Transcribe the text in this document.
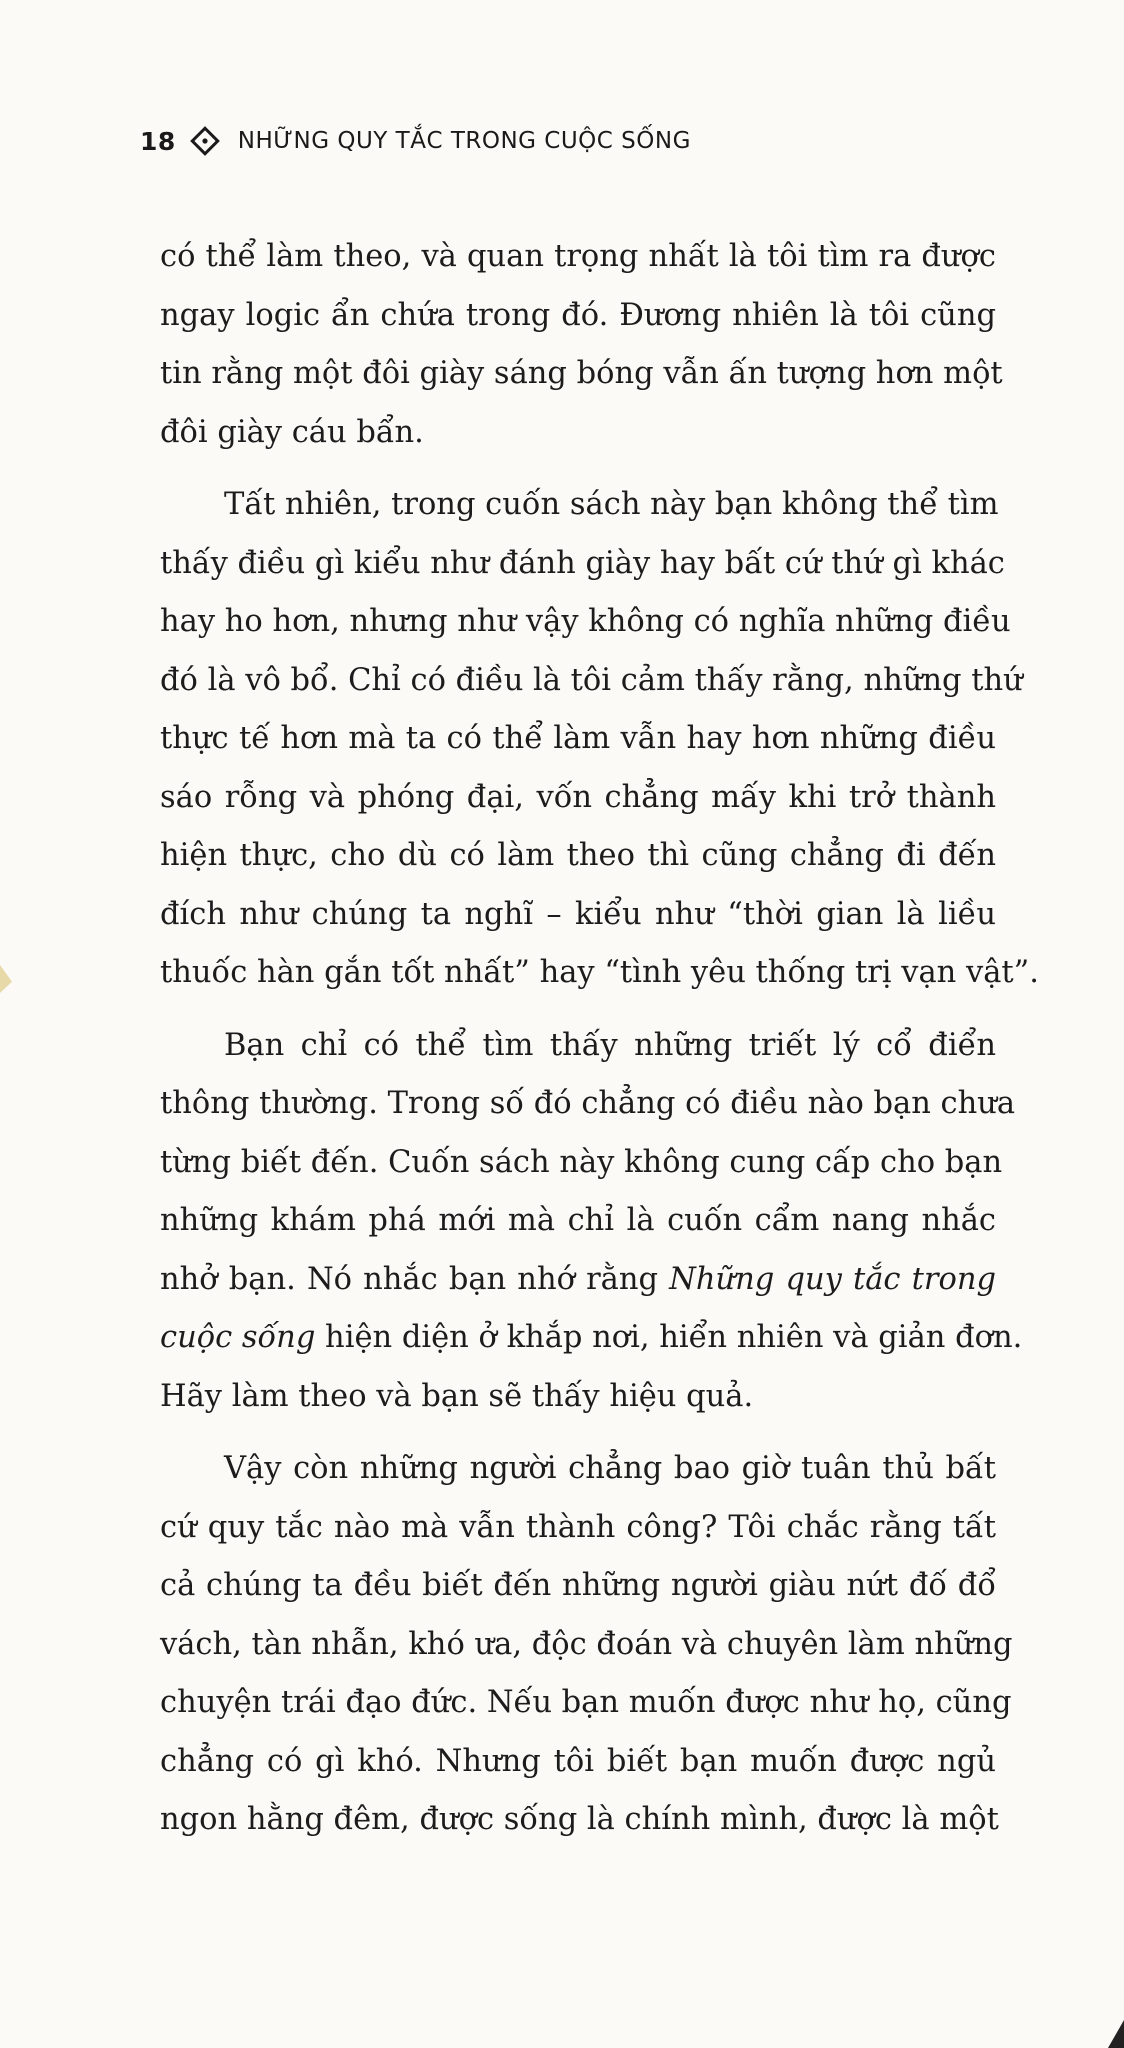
18	NHỮNG QUY TẮC TRONG CUỘC SỐNG
có thể làm theo, và quan trọng nhất là tôi tìm ra được
ngay logic ẩn chứa trong đó. Đương nhiên là tôi cũng
tin rằng một đôi giày sáng bóng vẫn ấn tượng hơn một
đôi giày cáu bẩn.
Tất nhiên, trong cuốn sách này bạn không thể tìm
thấy điều gì kiểu như đánh giày hay bất cứ thứ gì khác
hay ho hơn, nhưng như vậy không có nghĩa những điều
đó là vô bổ. Chỉ có điều là tôi cảm thấy rằng, những thứ
thực tế hơn mà ta có thể làm vẫn hay hơn những điều
sáo rỗng và phóng đại, vốn chẳng mấy khi trở thành
hiện thực, cho dù có làm theo thì cũng chẳng đi đến
đích như chúng ta nghĩ – kiểu như “thời gian là liều
thuốc hàn gắn tốt nhất” hay “tình yêu thống trị vạn vật”.
Bạn chỉ có thể tìm thấy những triết lý cổ điển
thông thường. Trong số đó chẳng có điều nào bạn chưa
từng biết đến. Cuốn sách này không cung cấp cho bạn
những khám phá mới mà chỉ là cuốn cẩm nang nhắc
nhở bạn. Nó nhắc bạn nhớ rằng Những quy tắc trong
cuộc sống hiện diện ở khắp nơi, hiển nhiên và giản đơn.
Hãy làm theo và bạn sẽ thấy hiệu quả.
Vậy còn những người chẳng bao giờ tuân thủ bất
cứ quy tắc nào mà vẫn thành công? Tôi chắc rằng tất
cả chúng ta đều biết đến những người giàu nứt đố đổ
vách, tàn nhẫn, khó ưa, độc đoán và chuyên làm những
chuyện trái đạo đức. Nếu bạn muốn được như họ, cũng
chẳng có gì khó. Nhưng tôi biết bạn muốn được ngủ
ngon hằng đêm, được sống là chính mình, được là một
